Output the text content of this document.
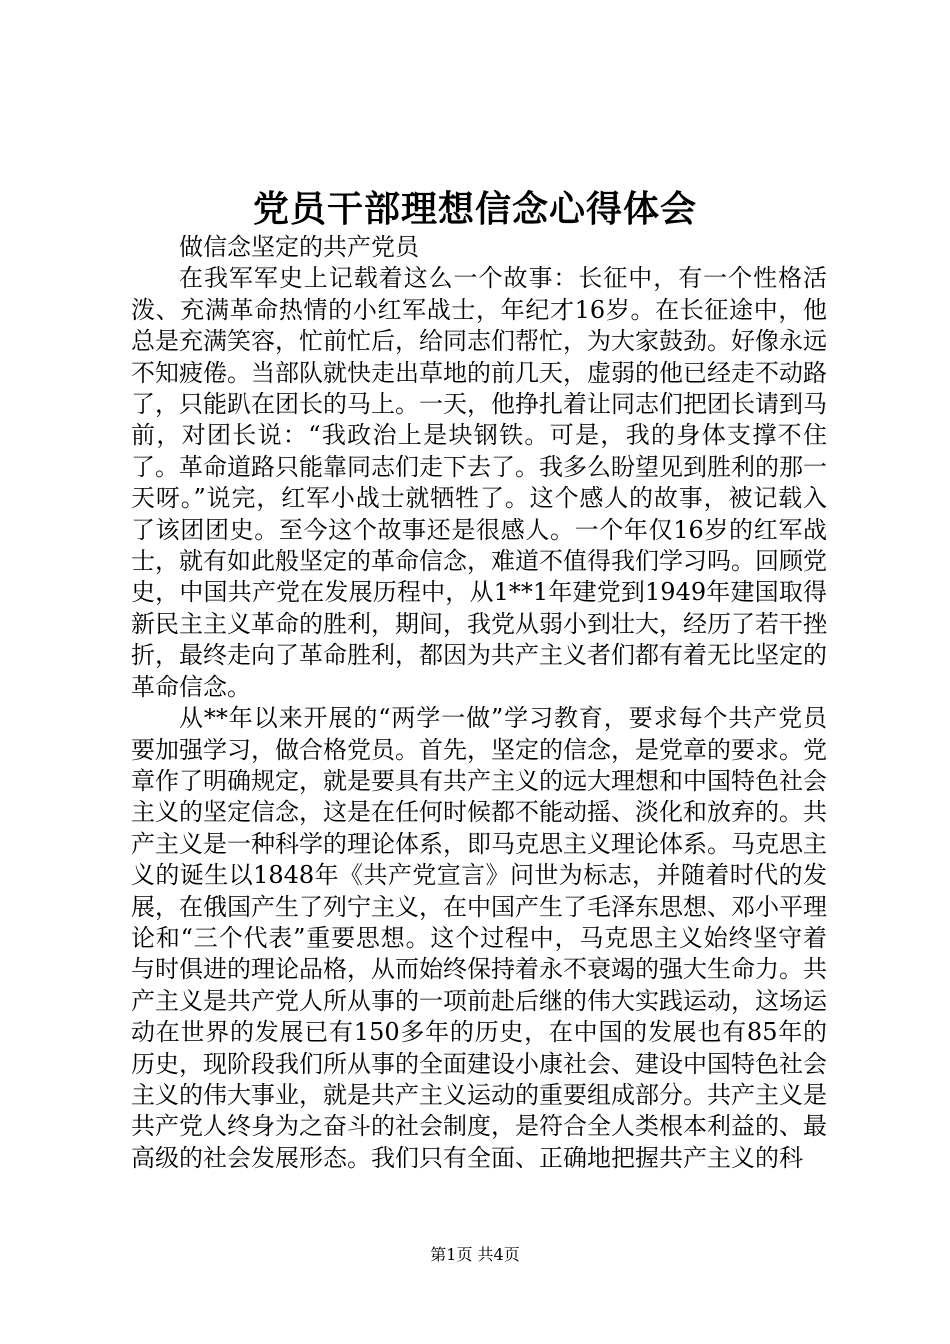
党员干部理想信念心得体会

做信念坚定的共产党员

在我军军史上记载着这么一个故事：长征中，有一个性格活泼、充满革命热情的小红军战士，年纪才16岁。在长征途中，他总是充满笑容，忙前忙后，给同志们帮忙，为大家鼓劲。好像永远不知疲倦。当部队就快走出草地的前几天，虚弱的他已经走不动路了，只能趴在团长的马上。一天，他挣扎着让同志们把团长请到马前，对团长说：“我政治上是块钢铁。可是，我的身体支撑不住了。革命道路只能靠同志们走下去了。我多么盼望见到胜利的那一天呀。”说完，红军小战士就牺牲了。这个感人的故事，被记载入了该团团史。至今这个故事还是很感人。一个年仅16岁的红军战士，就有如此般坚定的革命信念，难道不值得我们学习吗。回顾党史，中国共产党在发展历程中，从1**1年建党到1949年建国取得新民主主义革命的胜利，期间，我党从弱小到壮大，经历了若干挫折，最终走向了革命胜利，都因为共产主义者们都有着无比坚定的革命信念。

从**年以来开展的“两学一做”学习教育，要求每个共产党员要加强学习，做合格党员。首先，坚定的信念，是党章的要求。党章作了明确规定，就是要具有共产主义的远大理想和中国特色社会主义的坚定信念，这是在任何时候都不能动摇、淡化和放弃的。共产主义是一种科学的理论体系，即马克思主义理论体系。马克思主义的诞生以1848年《共产党宣言》问世为标志，并随着时代的发展，在俄国产生了列宁主义，在中国产生了毛泽东思想、邓小平理论和“三个代表”重要思想。这个过程中，马克思主义始终坚守着与时俱进的理论品格，从而始终保持着永不衰竭的强大生命力。共产主义是共产党人所从事的一项前赴后继的伟大实践运动，这场运动在世界的发展已有150多年的历史，在中国的发展也有85年的历史，现阶段我们所从事的全面建设小康社会、建设中国特色社会主义的伟大事业，就是共产主义运动的重要组成部分。共产主义是共产党人终身为之奋斗的社会制度，是符合全人类根本利益的、最高级的社会发展形态。我们只有全面、正确地把握共产主义的科

第1页 共4页
